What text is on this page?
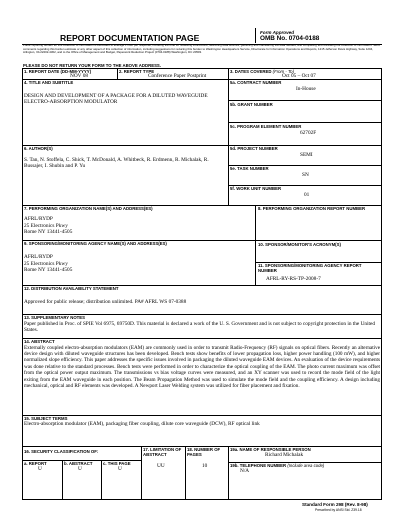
REPORT DOCUMENTATION PAGE
Form Approved
OMB No. 0704-0188
Public reporting burden for this collection of information is estimated to average 1 hour per response, including the time for reviewing instructions, searching data sources, gathering and maintaining the data needed, and completing and reviewing the collection of information. Send comments regarding this burden estimate or any other aspect of this collection of information, including suggestions for reducing this burden to Washington Headquarters Service, Directorate for Information Operations and Reports, 1215 Jefferson Davis Highway, Suite 1204, Arlington, VA 22202-4302, and to the Office of Management and Budget, Paperwork Reduction Project (0704-0188) Washington, DC 20503.
PLEASE DO NOT RETURN YOUR FORM TO THE ABOVE ADDRESS.
1. REPORT DATE (DD-MM-YYYY)
NOV 08
2. REPORT TYPE
Conference Paper Postprint
3. DATES COVERED (From - To)
Oct 05 – Oct 07
4. TITLE AND SUBTITLE
DESIGN AND DEVELOPMENT OF A PACKAGE FOR A DILUTED WAVEGUIDE ELECTRO-ABSORPTION MODULATOR
5a. CONTRACT NUMBER
In-House
5b. GRANT NUMBER
5c. PROGRAM ELEMENT NUMBER
62702F
6. AUTHOR(S)
S. Tan, N. Stoffela, C. Shick, T. McDonald, A. Whitbeck, R. Erdmenn, R. Michalak, R. Bussajer, I. Shubin and P. Yu
5d. PROJECT NUMBER
SEMI
5e. TASK NUMBER
SN
5f. WORK UNIT NUMBER
01
7. PERFORMING ORGANIZATION NAME(S) AND ADDRESS(ES)
AFRL/RYDP
25 Electronics Pkwy
Rome NY 13441-4505
8. PERFORMING ORGANIZATION REPORT NUMBER
9. SPONSORING/MONITORING AGENCY NAME(S) AND ADDRESS(ES)
AFRL/RYDP
25 Electronics Pkwy
Rome NY 13441-4505
10. SPONSOR/MONITOR'S ACRONYM(S)
11. SPONSORING/MONITORING AGENCY REPORT NUMBER
AFRL-RY-RS-TP-2008-7
12. DISTRIBUTION AVAILABILITY STATEMENT
Approved for public release; distribution unlimited. PA# AFRL WS 07-0388
13. SUPPLEMENTARY NOTES
Paper published in Proc. of SPIE Vol 6975, 69750D. This material is declared a work of the U. S. Government and is not subject to copyright protection in the United States.
14. ABSTRACT
Externally coupled electro-absorption modulators (EAM) are commonly used in order to transmit Radio-Frequency (RF) signals on optical fibers. Recently an alternative device design with diluted waveguide structures has been developed. Bench tests show benefits of lower propagation loss, higher power handling (100 mW), and higher normalized slope efficiency. This paper addresses the specific issues involved in packaging the diluted waveguide EAM devices. An evaluation of the device requirements was done relative to the standard processes. Bench tests were performed in order to characterize the optical coupling of the EAM. The photo current maximum was offset from the optical power output maximum. The transmissions vs bias voltage curves were measured, and an XY scanner was used to record the mode field of the light exiting from the EAM waveguide in each position. The Beam Propagation Method was used to simulate the mode field and the coupling efficiency. A design including mechanical, optical and RF elements was developed. A Newport Laser Welding system was utilized for fiber placement and fixation.
15. SUBJECT TERMS
Electro-absorption modulator (EAM), packaging fiber coupling, dilute core waveguide (DCW), RF optical link
16. SECURITY CLASSIFICATION OF:	17. LIMITATION OF ABSTRACT
UU
18. NUMBER OF PAGES
10
19a. NAME OF RESPONSIBLE PERSON
Richard Michalak
a. REPORT
U
b. ABSTRACT
U
c. THIS PAGE
U
19b. TELEPHONE NUMBER (Include area code)
N/A
Standard Form 298 (Rev. 8-98)
Prescribed by ANSI Std. Z39.18
